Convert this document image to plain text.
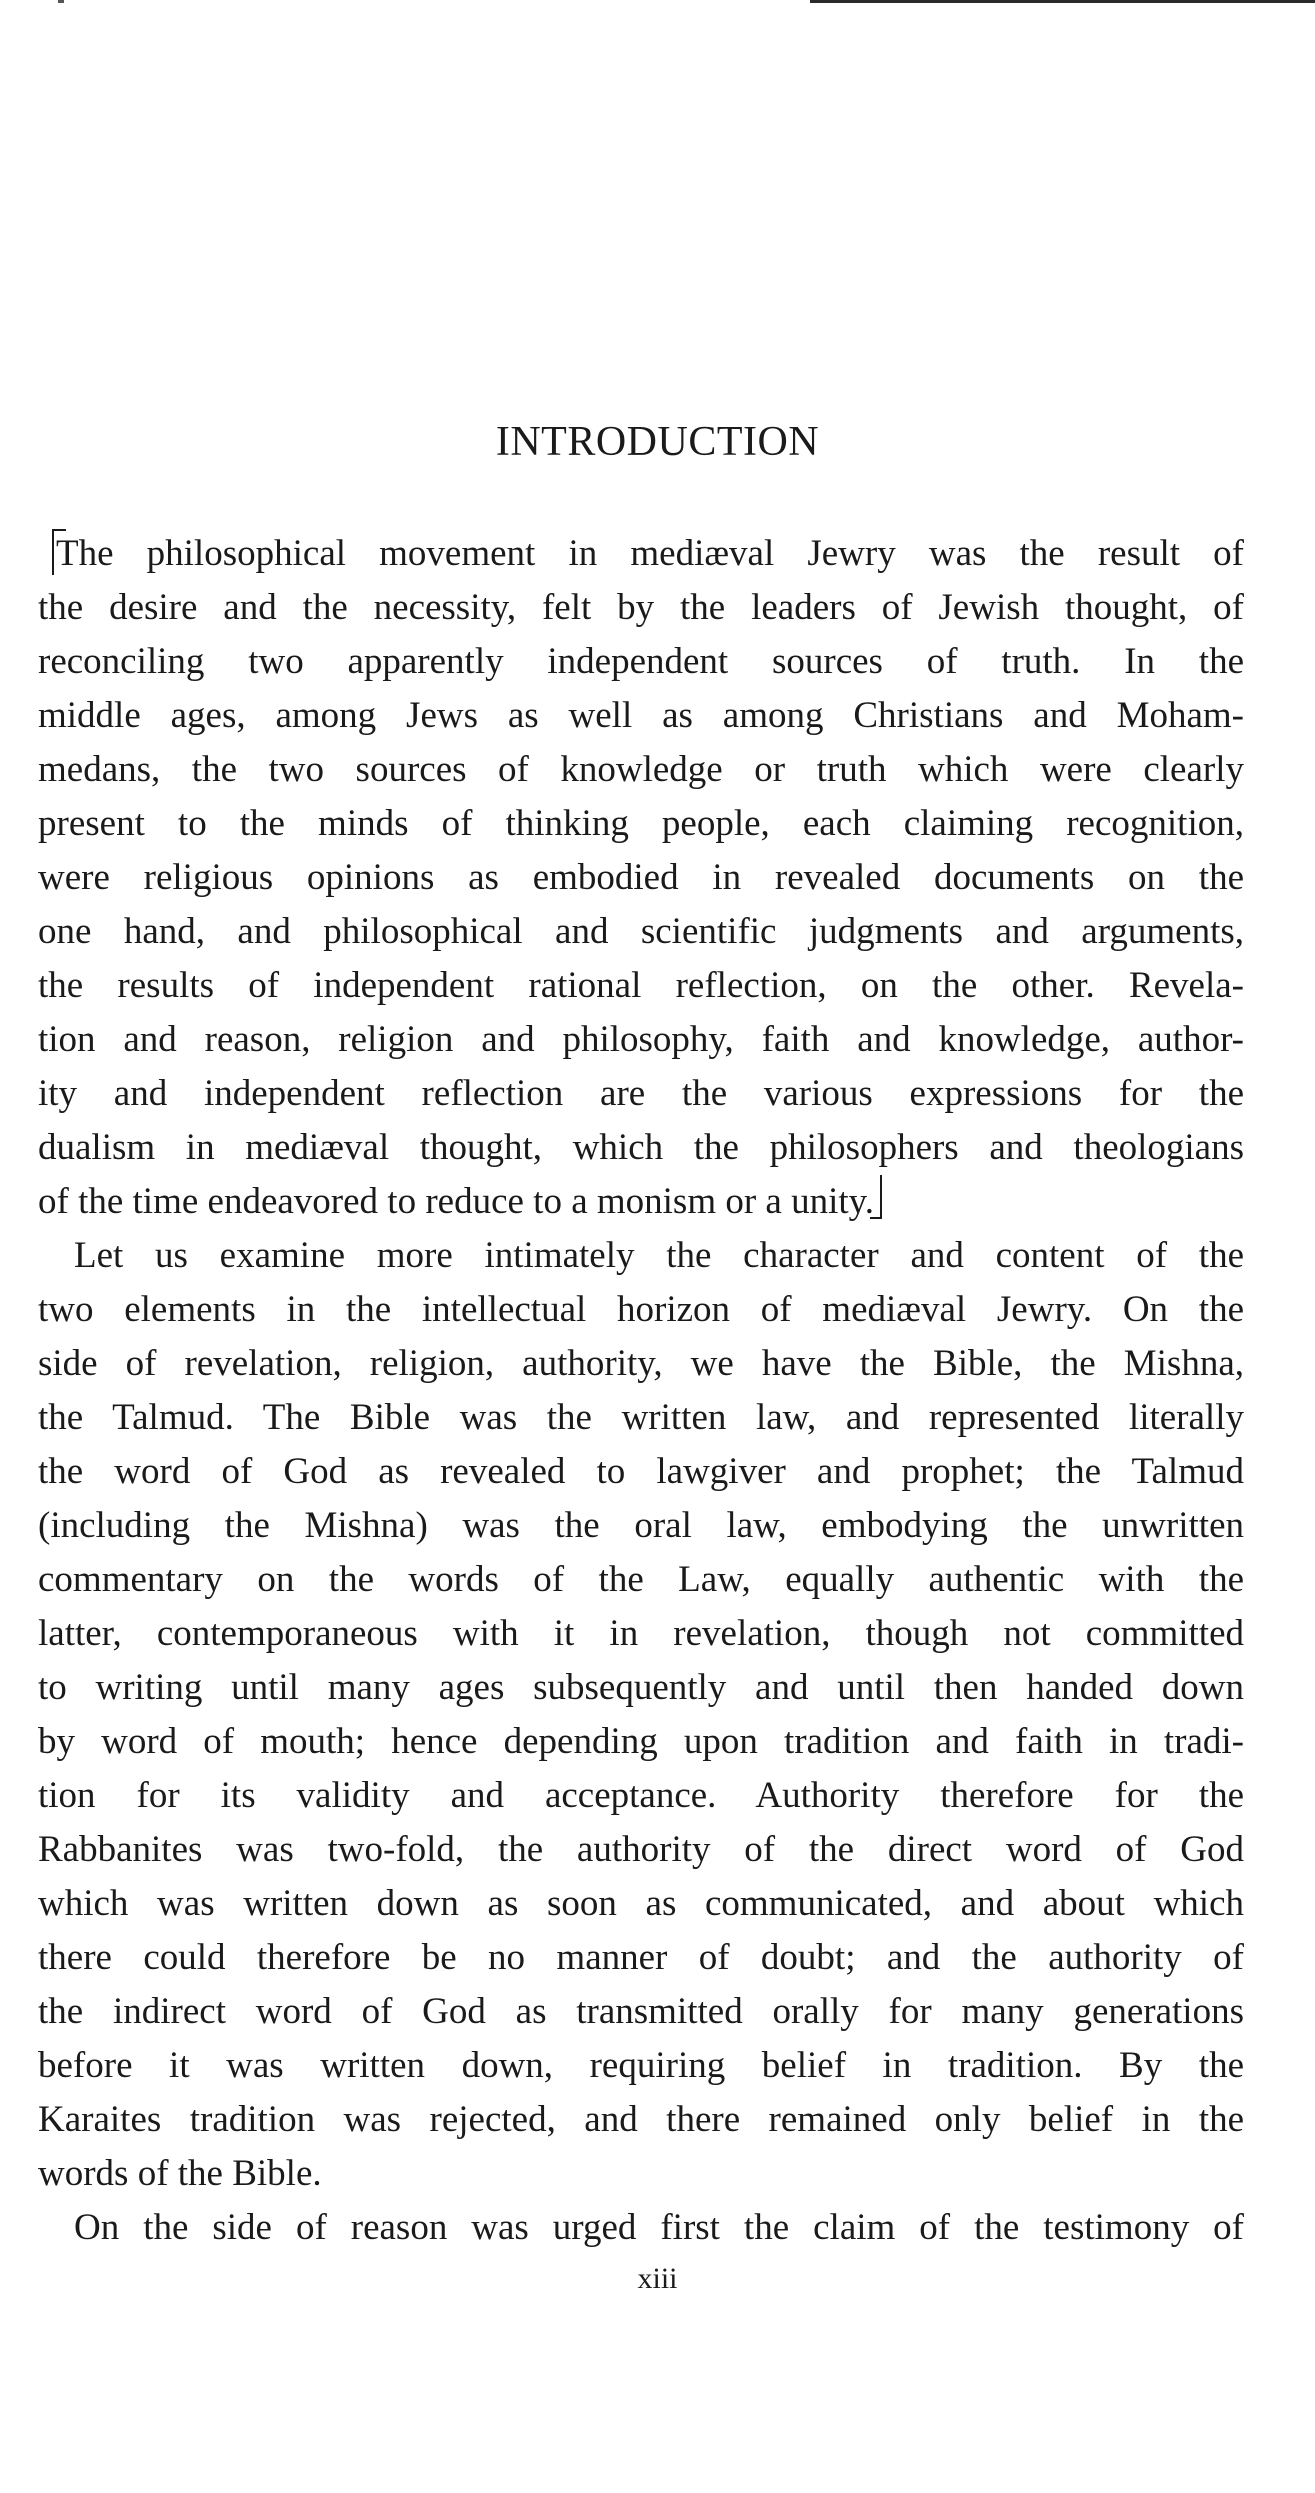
INTRODUCTION
The philosophical movement in mediæval Jewry was the result of
the desire and the necessity, felt by the leaders of Jewish thought, of
reconciling two apparently independent sources of truth. In the
middle ages, among Jews as well as among Christians and Moham-
medans, the two sources of knowledge or truth which were clearly
present to the minds of thinking people, each claiming recognition,
were religious opinions as embodied in revealed documents on the
one hand, and philosophical and scientific judgments and arguments,
the results of independent rational reflection, on the other. Revela-
tion and reason, religion and philosophy, faith and knowledge, author-
ity and independent reflection are the various expressions for the
dualism in mediæval thought, which the philosophers and theologians
of the time endeavored to reduce to a monism or a unity.
Let us examine more intimately the character and content of the
two elements in the intellectual horizon of mediæval Jewry. On the
side of revelation, religion, authority, we have the Bible, the Mishna,
the Talmud. The Bible was the written law, and represented literally
the word of God as revealed to lawgiver and prophet; the Talmud
(including the Mishna) was the oral law, embodying the unwritten
commentary on the words of the Law, equally authentic with the
latter, contemporaneous with it in revelation, though not committed
to writing until many ages subsequently and until then handed down
by word of mouth; hence depending upon tradition and faith in tradi-
tion for its validity and acceptance. Authority therefore for the
Rabbanites was two-fold, the authority of the direct word of God
which was written down as soon as communicated, and about which
there could therefore be no manner of doubt; and the authority of
the indirect word of God as transmitted orally for many generations
before it was written down, requiring belief in tradition. By the
Karaites tradition was rejected, and there remained only belief in the
words of the Bible.
On the side of reason was urged first the claim of the testimony of
xiii
